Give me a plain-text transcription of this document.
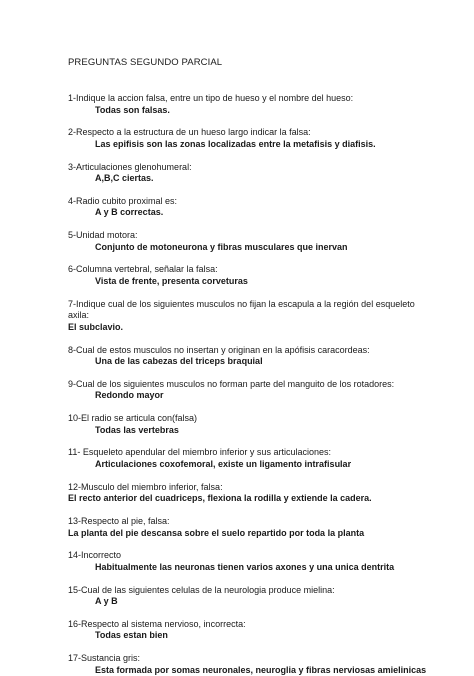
PREGUNTAS SEGUNDO PARCIAL
1-Indique la accion falsa, entre un tipo de hueso y el nombre del hueso:
Todas son falsas.
2-Respecto a la estructura de un hueso largo indicar la falsa:
Las epifisis son las zonas localizadas entre la metafisis y diafisis.
3-Articulaciones glenohumeral:
A,B,C ciertas.
4-Radio cubito proximal es:
A y B correctas.
5-Unidad motora:
Conjunto de motoneurona y fibras musculares que inervan
6-Columna vertebral, señalar la falsa:
Vista de frente, presenta corveturas
7-Indique cual de los siguientes musculos no fijan la escapula a la región del esqueleto axila:
El subclavio.
8-Cual de estos musculos no insertan y originan en la apófisis caracordeas:
Una de las cabezas del triceps braquial
9-Cual de los siguientes musculos no forman parte del manguito de los rotadores:
Redondo mayor
10-El radio se articula con(falsa)
Todas las vertebras
11- Esqueleto apendular del miembro inferior y sus articulaciones:
Articulaciones coxofemoral, existe un ligamento intrafisular
12-Musculo del miembro inferior, falsa:
El recto anterior del cuadriceps, flexiona la rodilla y extiende la cadera.
13-Respecto al pie, falsa:
La planta del pie descansa sobre el suelo repartido por toda la planta
14-Incorrecto
Habitualmente las neuronas tienen varios axones y una unica dentrita
15-Cual de las siguientes celulas de la neurologia produce mielina:
A y B
16-Respecto al sistema nervioso, incorrecta:
Todas estan bien
17-Sustancia gris:
Esta formada por somas neuronales, neuroglia y fibras nerviosas amielinicas
